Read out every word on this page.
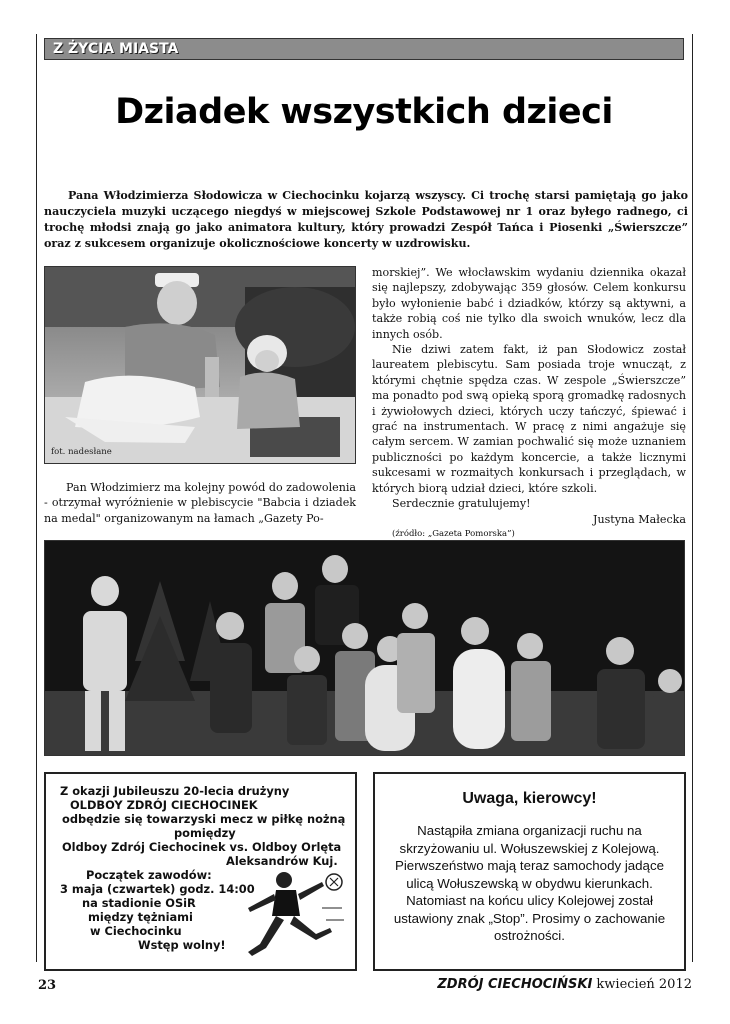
Z ŻYCIA MIASTA
Dziadek wszystkich dzieci

Pana Włodzimierza Słodowicza w Ciechocinku kojarzą wszyscy. Ci trochę starsi pamiętają go jako nauczyciela muzyki uczącego niegdyś w miejscowej Szkole Podstawowej nr 1 oraz byłego radnego, ci trochę młodsi znają go jako animatora kultury, który prowadzi Zespół Tańca i Piosenki „Świerszcze” oraz z sukcesem organizuje okolicznościowe koncerty w uzdrowisku.

fot. nadesłane

Pan Włodzimierz ma kolejny powód do zadowolenia - otrzymał wyróżnienie w plebiscycie "Babcia i dziadek na medal" organizowanym na łamach „Gazety Po-

morskiej”. We włocławskim wydaniu dziennika okazał się najlepszy, zdobywając 359 głosów. Celem konkursu było wyłonienie babć i dziadków, którzy są aktywni, a także robią coś nie tylko dla swoich wnuków, lecz dla innych osób.

Nie dziwi zatem fakt, iż pan Słodowicz został laureatem plebiscytu. Sam posiada troje wnucząt, z którymi chętnie spędza czas. W zespole „Świerszcze” ma ponadto pod swą opieką sporą gromadkę radosnych i żywiołowych dzieci, których uczy tańczyć, śpiewać i grać na instrumentach. W pracę z nimi angażuje się całym sercem. W zamian pochwalić się może uznaniem publiczności po każdym koncercie, a także licznymi sukcesami w rozmaitych konkursach i przeglądach, w których biorą udział dzieci, które szkoli.

Serdecznie gratulujemy!

Justyna Małecka

(źródło: „Gazeta Pomorska”)

Z okazji Jubileuszu 20-lecia drużyny
OLDBOY ZDRÓJ CIECHOCINEK
odbędzie się towarzyski mecz w piłkę nożną
pomiędzy
Oldboy Zdrój Ciechocinek vs. Oldboy Orlęta
Aleksandrów Kuj.
Początek zawodów:
3 maja (czwartek) godz. 14:00
na stadionie OSiR
między tężniami
w Ciechocinku
Wstęp wolny!
Uwaga, kierowcy!
Nastąpiła zmiana organizacji ruchu na skrzyżowaniu ul. Wołuszewskiej z Kolejową. Pierwszeństwo mają teraz samochody jadące ulicą Wołuszewską w obydwu kierunkach. Natomiast na końcu ulicy Kolejowej został ustawiony znak „Stop”. Prosimy o zachowanie ostrożności.
23	ZDRÓJ CIECHOCIŃSKI kwiecień 2012
